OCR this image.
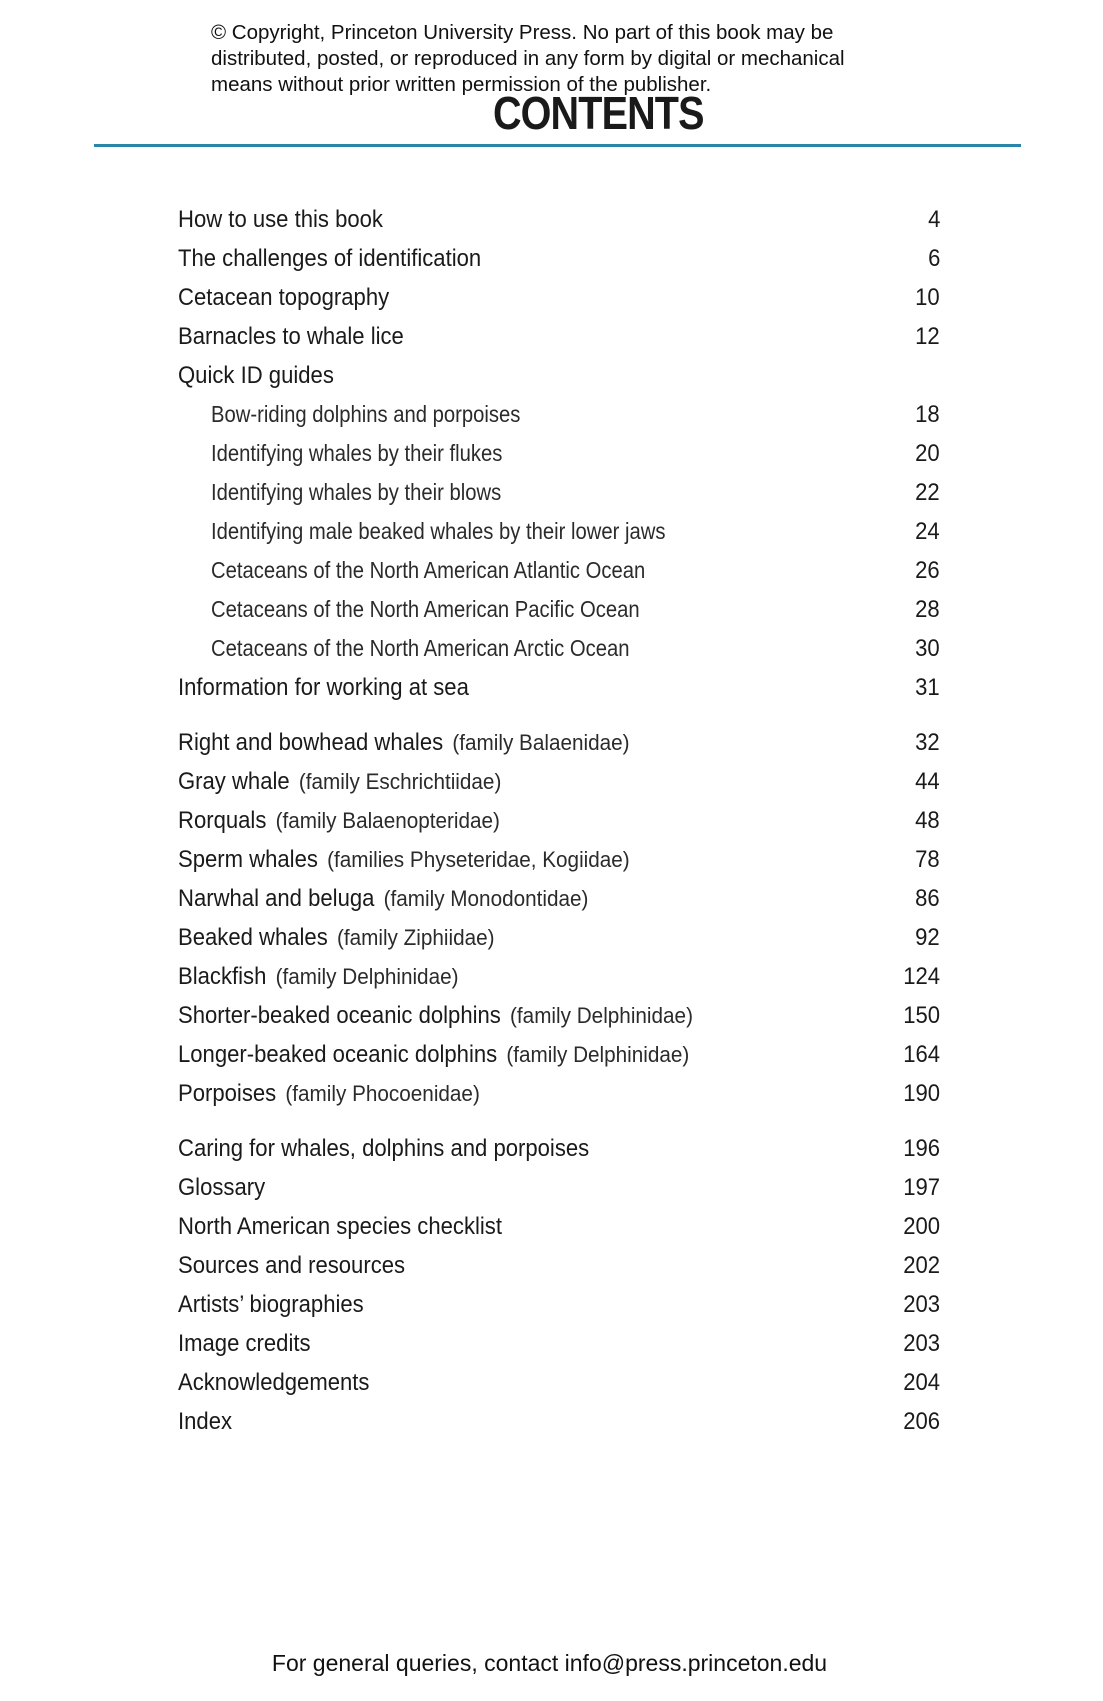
© Copyright, Princeton University Press. No part of this book may be
distributed, posted, or reproduced in any form by digital or mechanical
means without prior written permission of the publisher.
CONTENTS
How to use this book	4
The challenges of identification	6
Cetacean topography	10
Barnacles to whale lice	12
Quick ID guides
Bow-riding dolphins and porpoises	18
Identifying whales by their flukes	20
Identifying whales by their blows	22
Identifying male beaked whales by their lower jaws	24
Cetaceans of the North American Atlantic Ocean	26
Cetaceans of the North American Pacific Ocean	28
Cetaceans of the North American Arctic Ocean	30
Information for working at sea	31
Right and bowhead whales (family Balaenidae)	32
Gray whale (family Eschrichtiidae)	44
Rorquals (family Balaenopteridae)	48
Sperm whales (families Physeteridae, Kogiidae)	78
Narwhal and beluga (family Monodontidae)	86
Beaked whales (family Ziphiidae)	92
Blackfish (family Delphinidae)	124
Shorter-beaked oceanic dolphins (family Delphinidae)	150
Longer-beaked oceanic dolphins (family Delphinidae)	164
Porpoises (family Phocoenidae)	190
Caring for whales, dolphins and porpoises	196
Glossary	197
North American species checklist	200
Sources and resources	202
Artists’ biographies	203
Image credits	203
Acknowledgements	204
Index	206
For general queries, contact info@press.princeton.edu
